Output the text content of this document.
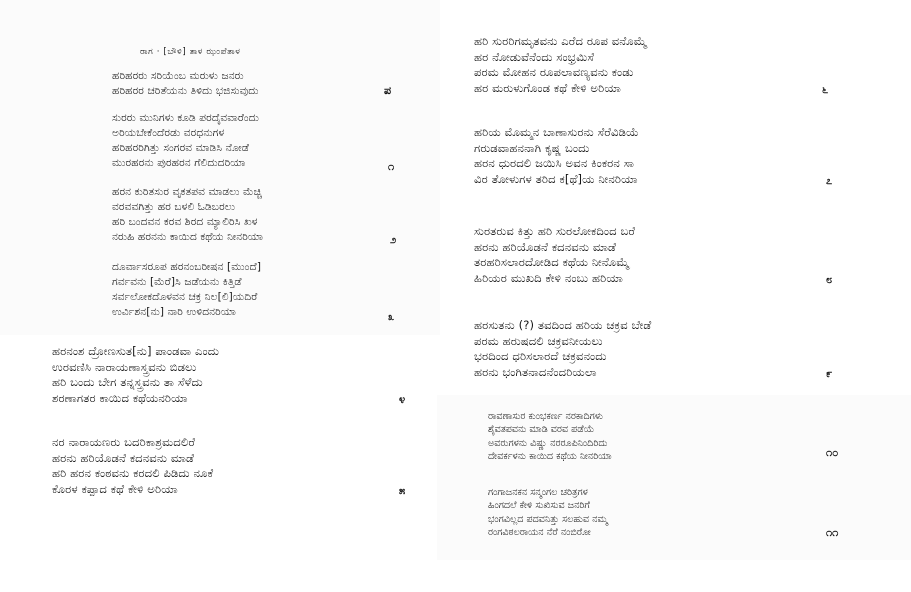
ರಾಗ · [ಬೌಳಿ] ತಾಳ ಝಂಪೆತಾಳ
ಹರಿಹರರು ಸರಿಯೆಂಬ ಮರುಳು ಜನರು
ಹರಿಹರರ ಚರಿತೆಯನು ತಿಳಿದು ಭಜಿಸುವುದು	ಪ
ಸುರರು ಮುನಿಗಳು ಕೂಡಿ ಪರದೈವವಾರೆಂದು
ಅರಿಯಬೇಕೆಂದೆರಡು ವರಧನುಗಳ
ಹರಿಹರರಿಗಿತ್ತು ಸಂಗರವ ಮಾಡಿಸಿ ನೋಡೆ
ಮುರಹರನು ಪುರಹರನ ಗೆಲಿದುದರಿಯಾ	೧
ಹರನ ಕುರಿತಸುರ ವೃಕತಪವ ಮಾಡಲು ಮೆಚ್ಚಿ
ವರವವಗಿತ್ತು ಹರ ಬಳಲಿ ಓಡಿಬರಲು
ಹರಿ ಬಂದವನ ಕರವ ಶಿರದ ಮ್ಯಾಲಿರಿಸಿ ಖಳ
ನರುಹಿ ಹರನನು ಕಾಯಿದ ಕಥೆಯ ನೀನರಿಯಾ	೨
ದೂರ್ವಾಸರೂಪ ಹರನಂಬರೀಷನ [ಮುಂದೆ]
ಗರ್ವವನು [ಮೆರೆ]ಸಿ ಜಡೆಯನು ಕಿತ್ತಿಡೆ
ಸರ್ವಲೋಕದೊಳವನ ಚಕ್ರ ನಿಲ[ಲಿ]ಯದಿರೆ
ಉರ್ವಿಶನ[ನು] ನಾರಿ ಉಳಿದನರಿಯಾ	೩
ಹರನಂಶ ದ್ರೋಣಸುತ[ನು] ಪಾಂಡವಾ ಎಂದು
ಉರವಣಿಸಿ ನಾರಾಯಣಾಸ್ತ್ರವನು ಬಿಡಲು
ಹರಿ ಬಂದು ಬೇಗ ತನ್ನಸ್ತ್ರವನು ತಾ ಸೆಳೆದು
ಶರಣಾಗತರ ಕಾಯಿದ ಕಥೆಯನರಿಯಾ	೪
ನರ ನಾರಾಯಣರು ಬದರಿಕಾಶ್ರಮದಲಿರೆ
ಹರನು ಹರಿಯೊಡನೆ ಕದನವನು ಮಾಡೆ
ಹರಿ ಹರನ ಕಂಠವನು ಕರದಲಿ ಪಿಡಿದು ನೂಕೆ
ಕೊರಳ ಕಪ್ಪಾದ ಕಥೆ ಕೇಳಿ ಅರಿಯಾ	೫
ಹರಿ ಸುರರಿಗಮೃತವನು ಎರೆದ ರೂಪ ವನೊಮ್ಮೆ
ಹರ ನೋಡುವೆನೆಂದು ಸಂಭ್ರಮಿಸೆ
ಪರಮ ಮೋಹನ ರೂಪಲಾವಣ್ಯವನು ಕಂಡು
ಹರ ಮರುಳುಗೊಂಡ ಕಥೆ ಕೇಳಿ ಅರಿಯಾ	೬
ಹರಿಯ ಮೊಮ್ಮನ ಬಾಣಾಸುರನು ಸೆರೆವಿಡಿಯೆ
ಗರುಡವಾಹನನಾಗಿ ಕೃಷ್ಣ ಬಂದು
ಹರನ ಧುರದಲಿ ಜಯಿಸಿ ಅವನ ಕಿಂಕರನ ಸಾ
ವಿರ ತೋಳುಗಳ ತರಿದ ಕ[ಥೆ]ಯ ನೀನರಿಯಾ	೭
ಸುರತರುವ ಕಿತ್ತು ಹರಿ ಸುರಲೋಕದಿಂದ ಬರೆ
ಹರನು ಹರಿಯೊಡನೆ ಕದನವನು ಮಾಡೆ
ತರಹರಿಸಲಾರದೋಡಿದ ಕಥೆಯ ನೀನೊಮ್ಮೆ
ಹಿರಿಯರ ಮುಖದಿ ಕೇಳಿ ನಂಬು ಹರಿಯಾ	೮
ಹರಸುತನು (?) ತವದಿಂದ ಹರಿಯ ಚಕ್ರವ ಬೇಡೆ
ಪರಮ ಹರುಷದಲಿ ಚಕ್ರವನೀಯಲು
ಭರದಿಂದ ಧರಿಸಲಾರದೆ ಚಕ್ರವನಂದು
ಹರನು ಭಂಗಿತನಾದನೆಂದರಿಯಲಾ	೯
ರಾವಣಾಸುರ ಕುಂಭಕರ್ಣ ನರಕಾದಿಗಳು
ಶೈವತಪವನು ಮಾಡಿ ವರವ ಪಡೆಯೆ
ಅವರುಗಳನು ವಿಷ್ಣು ನರರೂಪಿನಿಂದಿರಿದು
ದೇವರ್ಕಳನು ಕಾಯಿದ ಕಥೆಯ ನೀನರಿಯಾ	೧೦
ಗಂಗಾಜನಕನ ಸನ್ಮಂಗಲ ಚರಿತ್ರಗಳ
ಹಿಂಗದಲೆ ಕೇಳಿ ಸುಖಿಸುವ ಜನರಿಗೆ
ಭಂಗವಿಲ್ಲದ ಪದವನಿತ್ತು ಸಲಹುವ ನಮ್ಮ
ರಂಗವಿಠಲರಾಯನ ನೆರೆ ನಂಬಿರೋ	೧೧
